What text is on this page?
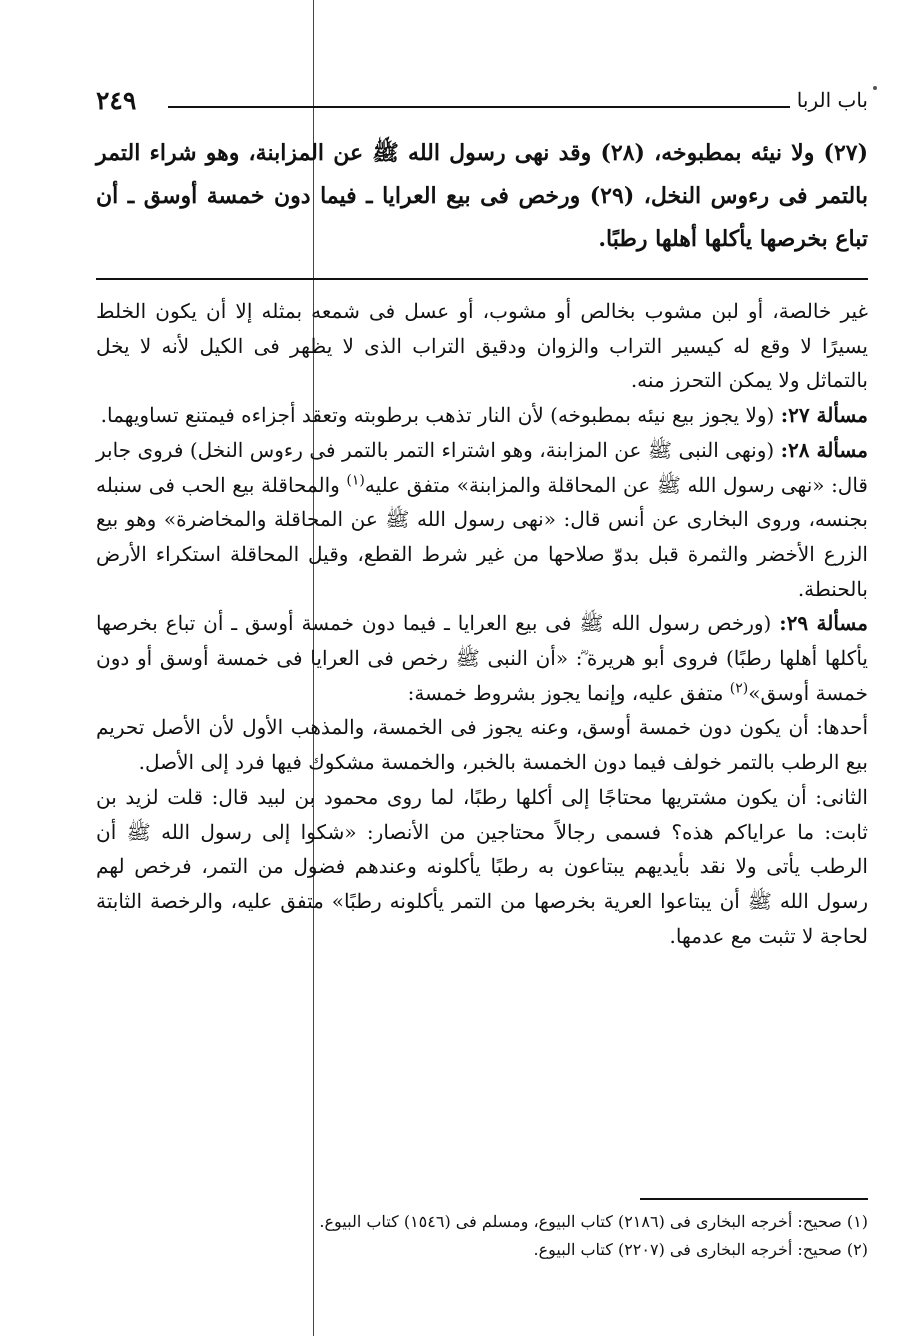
٢٤٩	باب الربا
(٢٧) ولا نيئه بمطبوخه، (٢٨) وقد نهى رسول الله ﷺ عن المزابنة، وهو شراء التمر بالتمر فى رءوس النخل، (٢٩) ورخص فى بيع العرايا ـ فيما دون خمسة أوسق ـ أن تباع بخرصها يأكلها أهلها رطبًا.

غير خالصة، أو لبن مشوب بخالص أو مشوب، أو عسل فى شمعه بمثله إلا أن يكون الخلط يسيرًا لا وقع له كيسير التراب والزوان ودقيق التراب الذى لا يظهر فى الكيل لأنه لا يخل بالتماثل ولا يمكن التحرز منه.

مسألة ٢٧: (ولا يجوز بيع نيئه بمطبوخه) لأن النار تذهب برطوبته وتعقد أجزاءه فيمتنع تساويهما.

مسألة ٢٨: (ونهى النبى ﷺ عن المزابنة، وهو اشتراء التمر بالتمر فى رءوس النخل) فروى جابر قال: «نهى رسول الله ﷺ عن المحاقلة والمزابنة» متفق عليه$^{(١)}$ والمحاقلة بيع الحب فى سنبله بجنسه، وروى البخارى عن أنس قال: «نهى رسول الله ﷺ عن المحاقلة والمخاضرة» وهو بيع الزرع الأخضر والثمرة قبل بدوّ صلاحها من غير شرط القطع، وقيل المحاقلة استكراء الأرض بالحنطة.

مسألة ٢٩: (ورخص رسول الله ﷺ فى بيع العرايا ـ فيما دون خمسة أوسق ـ أن تباع بخرصها يأكلها أهلها رطبًا) فروى أبو هريرة ؓ: «أن النبى ﷺ رخص فى العرايا فى خمسة أوسق أو دون خمسة أوسق»$^{(٢)}$ متفق عليه، وإنما يجوز بشروط خمسة:

أحدها: أن يكون دون خمسة أوسق، وعنه يجوز فى الخمسة، والمذهب الأول لأن الأصل تحريم بيع الرطب بالتمر خولف فيما دون الخمسة بالخبر، والخمسة مشكوك فيها فرد إلى الأصل.

الثانى: أن يكون مشتريها محتاجًا إلى أكلها رطبًا، لما روى محمود بن لبيد قال: قلت لزيد بن ثابت: ما عراياكم هذه؟ فسمى رجالاً محتاجين من الأنصار: «شكوا إلى رسول الله ﷺ أن الرطب يأتى ولا نقد بأيديهم يبتاعون به رطبًا يأكلونه وعندهم فضول من التمر، فرخص لهم رسول الله ﷺ أن يبتاعوا العرية بخرصها من التمر يأكلونه رطبًا» متفق عليه، والرخصة الثابتة لحاجة لا تثبت مع عدمها.

(١) صحيح: أخرجه البخارى فى (٢١٨٦) كتاب البيوع، ومسلم فى (١٥٤٦) كتاب البيوع.

(٢) صحيح: أخرجه البخارى فى (٢٢٠٧) كتاب البيوع.
